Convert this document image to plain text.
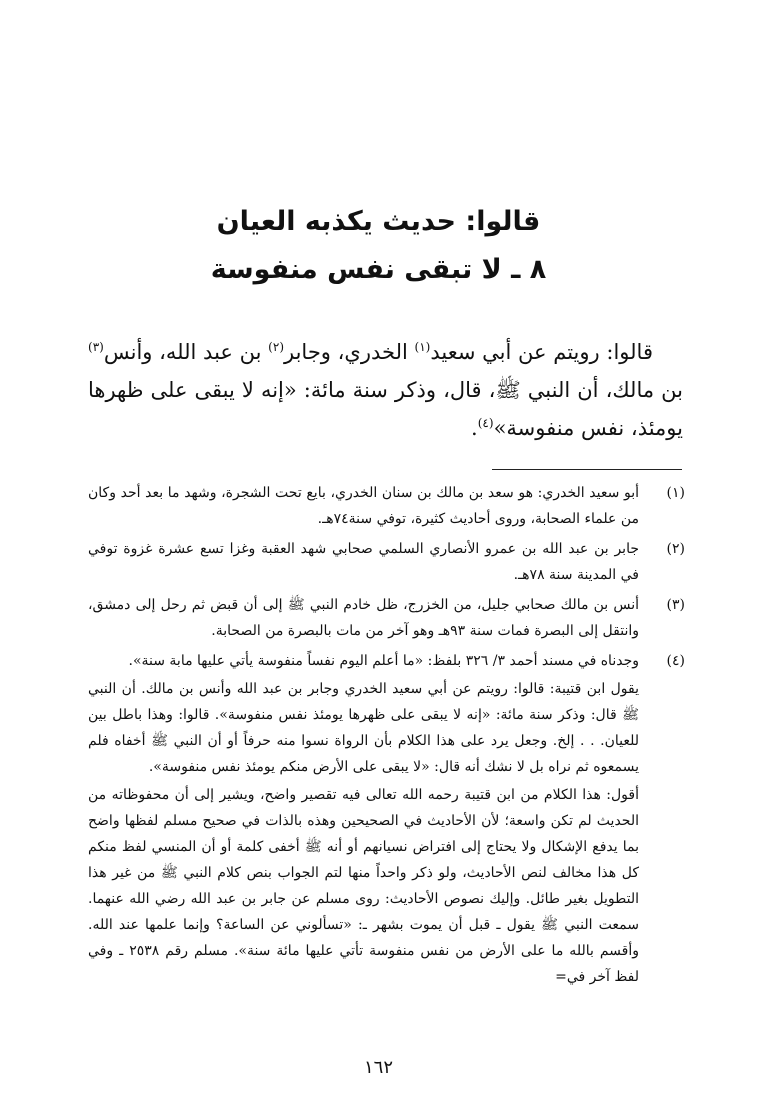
قالوا: حديث يكذبه العيان
٨ ـ لا تبقى نفس منفوسة

قالوا: رويتم عن أبي سعيد$^{(١)}$ الخدري، وجابر$^{(٢)}$ بن عبد الله، وأنس$^{(٣)}$ بن مالك، أن النبي ﷺ، قال، وذكر سنة مائة: «إنه لا يبقى على ظهرها يومئذ، نفس منفوسة»$^{(٤)}$.

(١)
أبو سعيد الخدري: هو سعد بن مالك بن سنان الخدري، بايع تحت الشجرة، وشهد ما بعد أحد وكان من علماء الصحابة، وروى أحاديث كثيرة، توفي سنة٧٤هـ.
(٢)
جابر بن عبد الله بن عمرو الأنصاري السلمي صحابي شهد العقبة وغزا تسع عشرة غزوة توفي في المدينة سنة ٧٨هـ.
(٣)
أنس بن مالك صحابي جليل، من الخزرج، ظل خادم النبي ﷺ إلى أن قبض ثم رحل إلى دمشق، وانتقل إلى البصرة فمات سنة ٩٣هـ وهو آخر من مات بالبصرة من الصحابة.
(٤)
وجدناه في مسند أحمد ٣/ ٣٢٦ بلفظ: «ما أعلم اليوم نفساً منفوسة يأتي عليها مابة سنة».
يقول ابن قتيبة: قالوا: رويتم عن أبي سعيد الخدري وجابر بن عبد الله وأنس بن مالك. أن النبي ﷺ قال: وذكر سنة مائة: «إنه لا يبقى على ظهرها يومئذ نفس منفوسة». قالوا: وهذا باطل بين للعيان. . . إلخ. وجعل يرد على هذا الكلام بأن الرواة نسوا منه حرفاً أو أن النبي ﷺ أخفاه فلم يسمعوه ثم نراه بل لا نشك أنه قال: «لا يبقى على الأرض منكم يومئذ نفس منفوسة».
أقول: هذا الكلام من ابن قتيبة رحمه الله تعالى فيه تقصير واضح، ويشير إلى أن محفوظاته من الحديث لم تكن واسعة؛ لأن الأحاديث في الصحيحين وهذه بالذات في صحيح مسلم لفظها واضح بما يدفع الإشكال ولا يحتاج إلى افتراض نسيانهم أو أنه ﷺ أخفى كلمة أو أن المنسي لفظ منكم كل هذا مخالف لنص الأحاديث، ولو ذكر واحداً منها لتم الجواب بنص كلام النبي ﷺ من غير هذا التطويل بغير طائل. وإليك نصوص الأحاديث: روى مسلم عن جابر بن عبد الله رضي الله عنهما. سمعت النبي ﷺ يقول ـ قبل أن يموت بشهر ـ: «تسألوني عن الساعة؟ وإنما علمها عند الله. وأقسم بالله ما على الأرض من نفس منفوسة تأتي عليها مائة سنة». مسلم رقم ٢٥٣٨ ـ وفي لفظ آخر في=

١٦٢
